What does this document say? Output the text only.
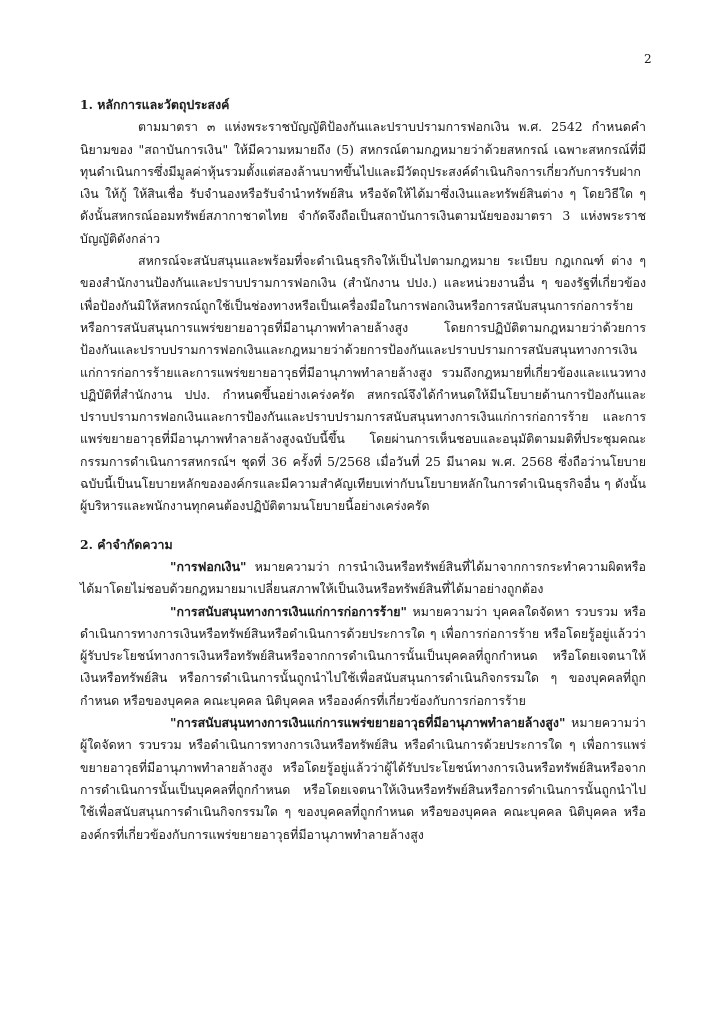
2

1. หลักการและวัตถุประสงค์

ตามมาตรา ๓ แห่งพระราชบัญญัติป้องกันและปราบปรามการฟอกเงิน พ.ศ. 2542 กำหนดคำนิยามของ "สถาบันการเงิน" ให้มีความหมายถึง (5) สหกรณ์ตามกฎหมายว่าด้วยสหกรณ์ เฉพาะสหกรณ์ที่มีทุนดำเนินการซึ่งมีมูลค่าหุ้นรวมตั้งแต่สองล้านบาทขึ้นไปและมีวัตถุประสงค์ดำเนินกิจการเกี่ยวกับการรับฝากเงิน ให้กู้ ให้สินเชื่อ รับจำนองหรือรับจำนำทรัพย์สิน หรือจัดให้ได้มาซึ่งเงินและทรัพย์สินต่าง ๆ โดยวิธีใด ๆ ดังนั้นสหกรณ์ออมทรัพย์สภากาชาดไทย จำกัดจึงถือเป็นสถาบันการเงินตามนัยของมาตรา 3 แห่งพระราชบัญญัติดังกล่าว

สหกรณ์จะสนับสนุนและพร้อมที่จะดำเนินธุรกิจให้เป็นไปตามกฎหมาย ระเบียบ กฎเกณฑ์ ต่าง ๆ ของสำนักงานป้องกันและปราบปรามการฟอกเงิน (สำนักงาน ปปง.) และหน่วยงานอื่น ๆ ของรัฐที่เกี่ยวข้องเพื่อป้องกันมิให้สหกรณ์ถูกใช้เป็นช่องทางหรือเป็นเครื่องมือในการฟอกเงินหรือการสนับสนุนการก่อการร้าย หรือการสนับสนุนการแพร่ขยายอาวุธที่มีอานุภาพทำลายล้างสูง โดยการปฏิบัติตามกฎหมายว่าด้วยการป้องกันและปราบปรามการฟอกเงินและกฎหมายว่าด้วยการป้องกันและปราบปรามการสนับสนุนทางการเงินแก่การก่อการร้ายและการแพร่ขยายอาวุธที่มีอานุภาพทำลายล้างสูง รวมถึงกฎหมายที่เกี่ยวข้องและแนวทางปฏิบัติที่สำนักงาน ปปง. กำหนดขึ้นอย่างเคร่งครัด สหกรณ์จึงได้กำหนดให้มีนโยบายด้านการป้องกันและปราบปรามการฟอกเงินและการป้องกันและปราบปรามการสนับสนุนทางการเงินแก่การก่อการร้าย และการแพร่ขยายอาวุธที่มีอานุภาพทำลายล้างสูงฉบับนี้ขึ้น โดยผ่านการเห็นชอบและอนุมัติตามมติที่ประชุมคณะกรรมการดำเนินการสหกรณ์ฯ ชุดที่ 36 ครั้งที่ 5/2568 เมื่อวันที่ 25 มีนาคม พ.ศ. 2568 ซึ่งถือว่านโยบายฉบับนี้เป็นนโยบายหลักขององค์กรและมีความสำคัญเทียบเท่ากับนโยบายหลักในการดำเนินธุรกิจอื่น ๆ ดังนั้น ผู้บริหารและพนักงานทุกคนต้องปฏิบัติตามนโยบายนี้อย่างเคร่งครัด

2. คำจำกัดความ

"การฟอกเงิน" หมายความว่า การนำเงินหรือทรัพย์สินที่ได้มาจากการกระทำความผิดหรือได้มาโดยไม่ชอบด้วยกฎหมายมาเปลี่ยนสภาพให้เป็นเงินหรือทรัพย์สินที่ได้มาอย่างถูกต้อง

"การสนับสนุนทางการเงินแก่การก่อการร้าย" หมายความว่า บุคคลใดจัดหา รวบรวม หรือดำเนินการทางการเงินหรือทรัพย์สินหรือดำเนินการด้วยประการใด ๆ เพื่อการก่อการร้าย หรือโดยรู้อยู่แล้วว่าผู้รับประโยชน์ทางการเงินหรือทรัพย์สินหรือจากการดำเนินการนั้นเป็นบุคคลที่ถูกกำหนด หรือโดยเจตนาให้เงินหรือทรัพย์สิน หรือการดำเนินการนั้นถูกนำไปใช้เพื่อสนับสนุนการดำเนินกิจกรรมใด ๆ ของบุคคลที่ถูกกำหนด หรือของบุคคล คณะบุคคล นิติบุคคล หรือองค์กรที่เกี่ยวข้องกับการก่อการร้าย

"การสนับสนุนทางการเงินแก่การแพร่ขยายอาวุธที่มีอานุภาพทำลายล้างสูง" หมายความว่า ผู้ใดจัดหา รวบรวม หรือดำเนินการทางการเงินหรือทรัพย์สิน หรือดำเนินการด้วยประการใด ๆ เพื่อการแพร่ขยายอาวุธที่มีอานุภาพทำลายล้างสูง หรือโดยรู้อยู่แล้วว่าผู้ได้รับประโยชน์ทางการเงินหรือทรัพย์สินหรือจากการดำเนินการนั้นเป็นบุคคลที่ถูกกำหนด หรือโดยเจตนาให้เงินหรือทรัพย์สินหรือการดำเนินการนั้นถูกนำไปใช้เพื่อสนับสนุนการดำเนินกิจกรรมใด ๆ ของบุคคลที่ถูกกำหนด หรือของบุคคล คณะบุคคล นิติบุคคล หรือองค์กรที่เกี่ยวข้องกับการแพร่ขยายอาวุธที่มีอานุภาพทำลายล้างสูง
